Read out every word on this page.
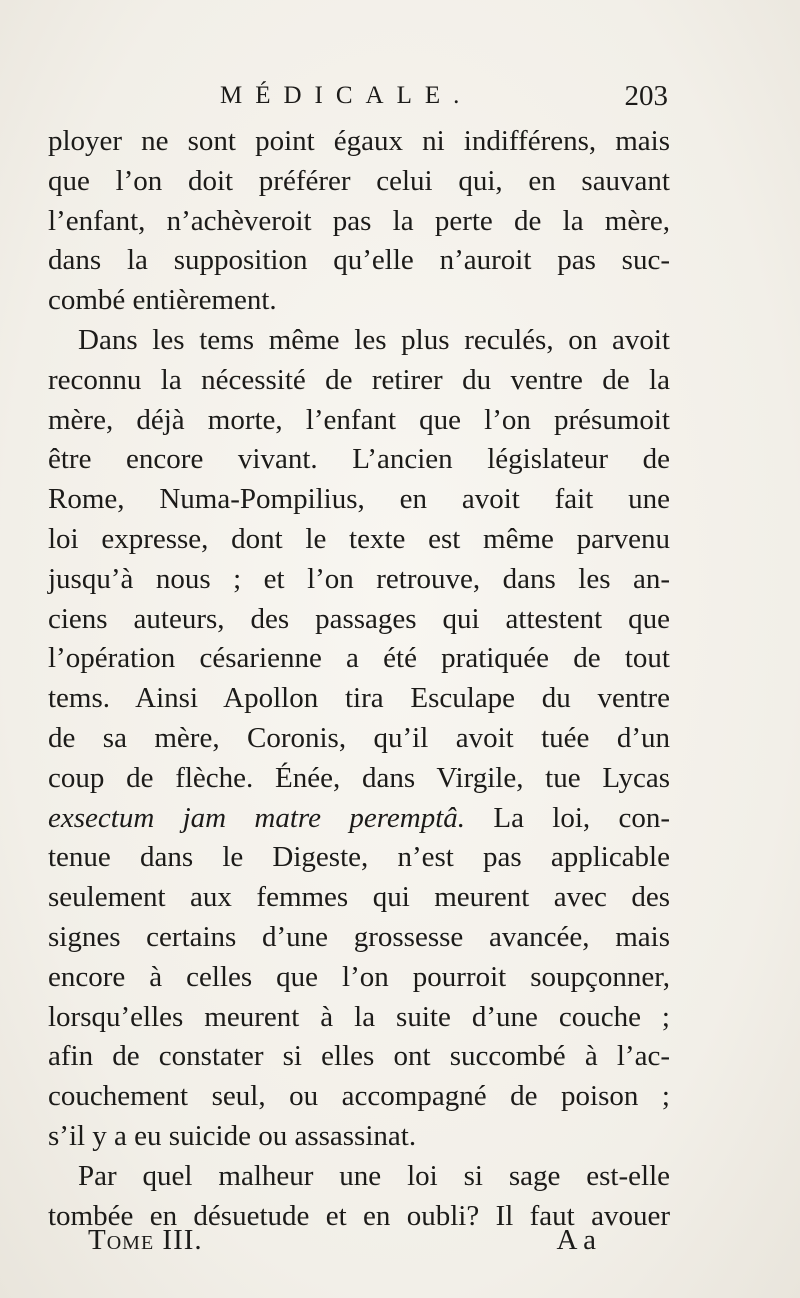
MÉDICALE.	203
ployer ne sont point égaux ni indifférens, mais
que l’on doit préférer celui qui, en sauvant
l’enfant, n’achèveroit pas la perte de la mère,
dans la supposition qu’elle n’auroit pas suc-
combé entièrement.
Dans les tems même les plus reculés, on avoit
reconnu la nécessité de retirer du ventre de la
mère, déjà morte, l’enfant que l’on présumoit
être encore vivant. L’ancien législateur de
Rome, Numa-Pompilius, en avoit fait une
loi expresse, dont le texte est même parvenu
jusqu’à nous ; et l’on retrouve, dans les an-
ciens auteurs, des passages qui attestent que
l’opération césarienne a été pratiquée de tout
tems. Ainsi Apollon tira Esculape du ventre
de sa mère, Coronis, qu’il avoit tuée d’un
coup de flèche. Énée, dans Virgile, tue Lycas
exsectum jam matre peremptâ. La loi, con-
tenue dans le Digeste, n’est pas applicable
seulement aux femmes qui meurent avec des
signes certains d’une grossesse avancée, mais
encore à celles que l’on pourroit soupçonner,
lorsqu’elles meurent à la suite d’une couche ;
afin de constater si elles ont succombé à l’ac-
couchement seul, ou accompagné de poison ;
s’il y a eu suicide ou assassinat.
Par quel malheur une loi si sage est-elle
tombée en désuetude et en oubli? Il faut avouer
Tome III.	A a
